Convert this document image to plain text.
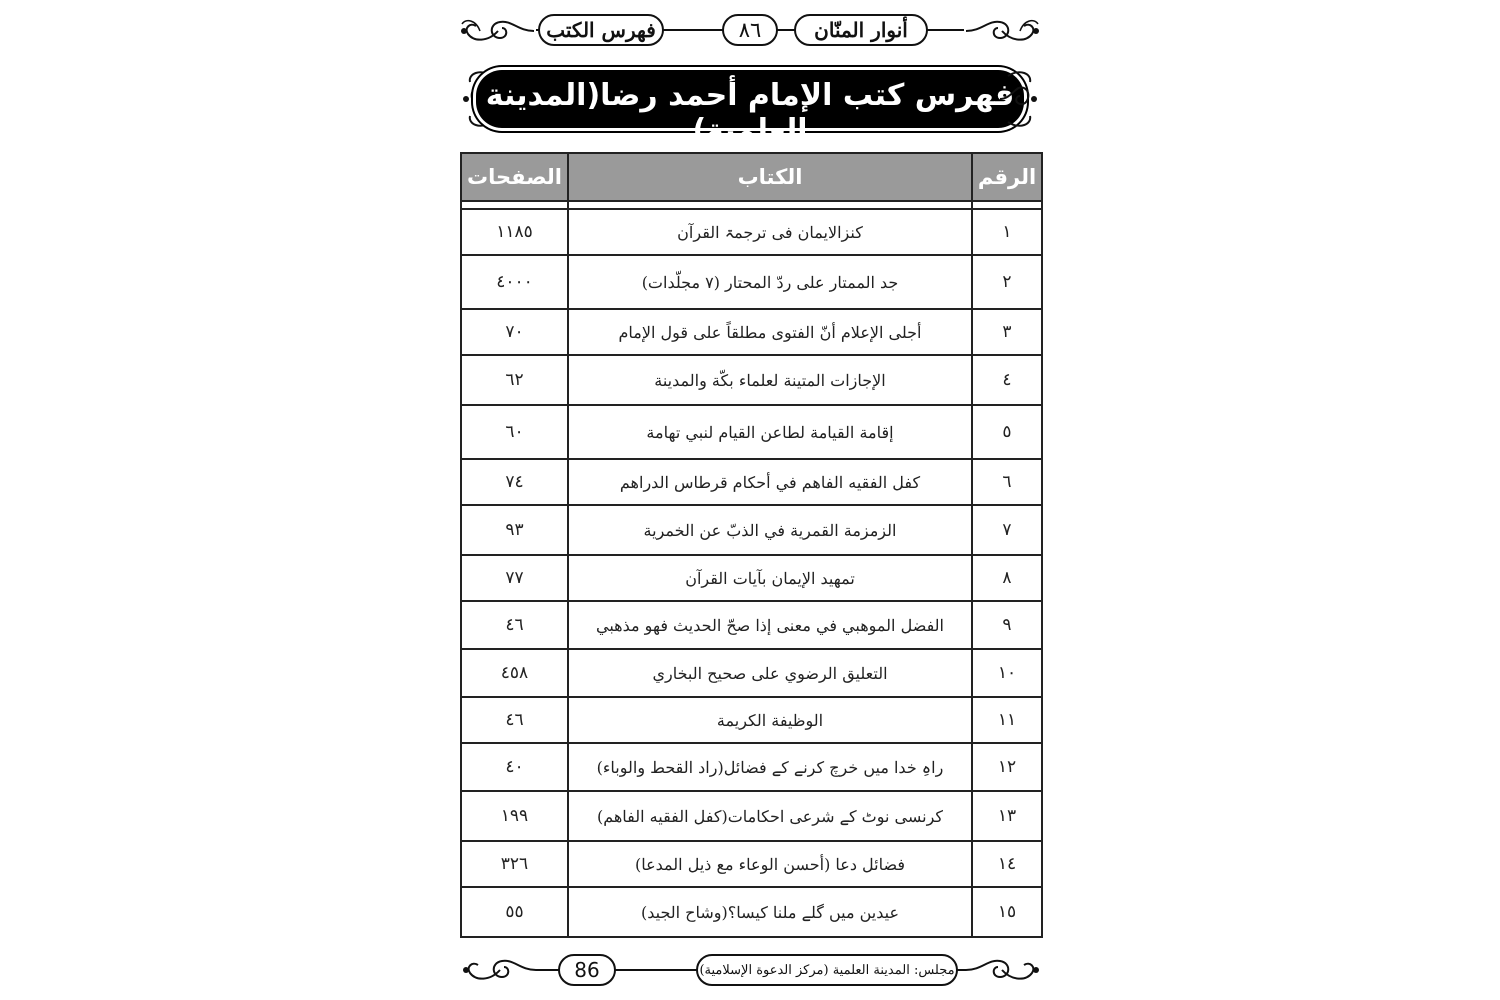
أنوار المنّان
٨٦
فهرس الكتب
فهرس كتب الإمام أحمد رضا(المدينة العلمية)
الرقم	الكتاب	الصفحات

١	کنزالایمان فی ترجمۃ القرآن	١١٨٥
٢	جد الممتار على ردّ المحتار (٧ مجلّدات)	٤٠٠٠
٣	أجلى الإعلام أنّ الفتوى مطلقاً على قول الإمام	٧٠
٤	الإجازات المتينة لعلماء بكّة والمدينة	٦٢
٥	إقامة القيامة لطاعن القيام لنبي تهامة	٦٠
٦	كفل الفقيه الفاهم في أحكام قرطاس الدراهم	٧٤
٧	الزمزمة القمرية في الذبّ عن الخمرية	٩٣
٨	تمهيد الإيمان بآيات القرآن	٧٧
٩	الفضل الموهبي في معنى إذا صحّ الحديث فهو مذهبي	٤٦
١٠	التعليق الرضوي على صحيح البخاري	٤٥٨
١١	الوظيفة الكريمة	٤٦
١٢	راہِ خدا میں خرچ کرنے کے فضائل(راد القحط والوباء)	٤٠
١٣	کرنسی نوٹ کے شرعی احکامات(كفل الفقيه الفاهم)	١٩٩
١٤	فضائل دعا (أحسن الوعاء مع ذيل المدعا)	٣٢٦
١٥	عیدین میں گلے ملنا کیسا؟(وشاح الجید)	٥٥
86	مجلس: المدينة العلمية (مركز الدعوة الإسلامية)
